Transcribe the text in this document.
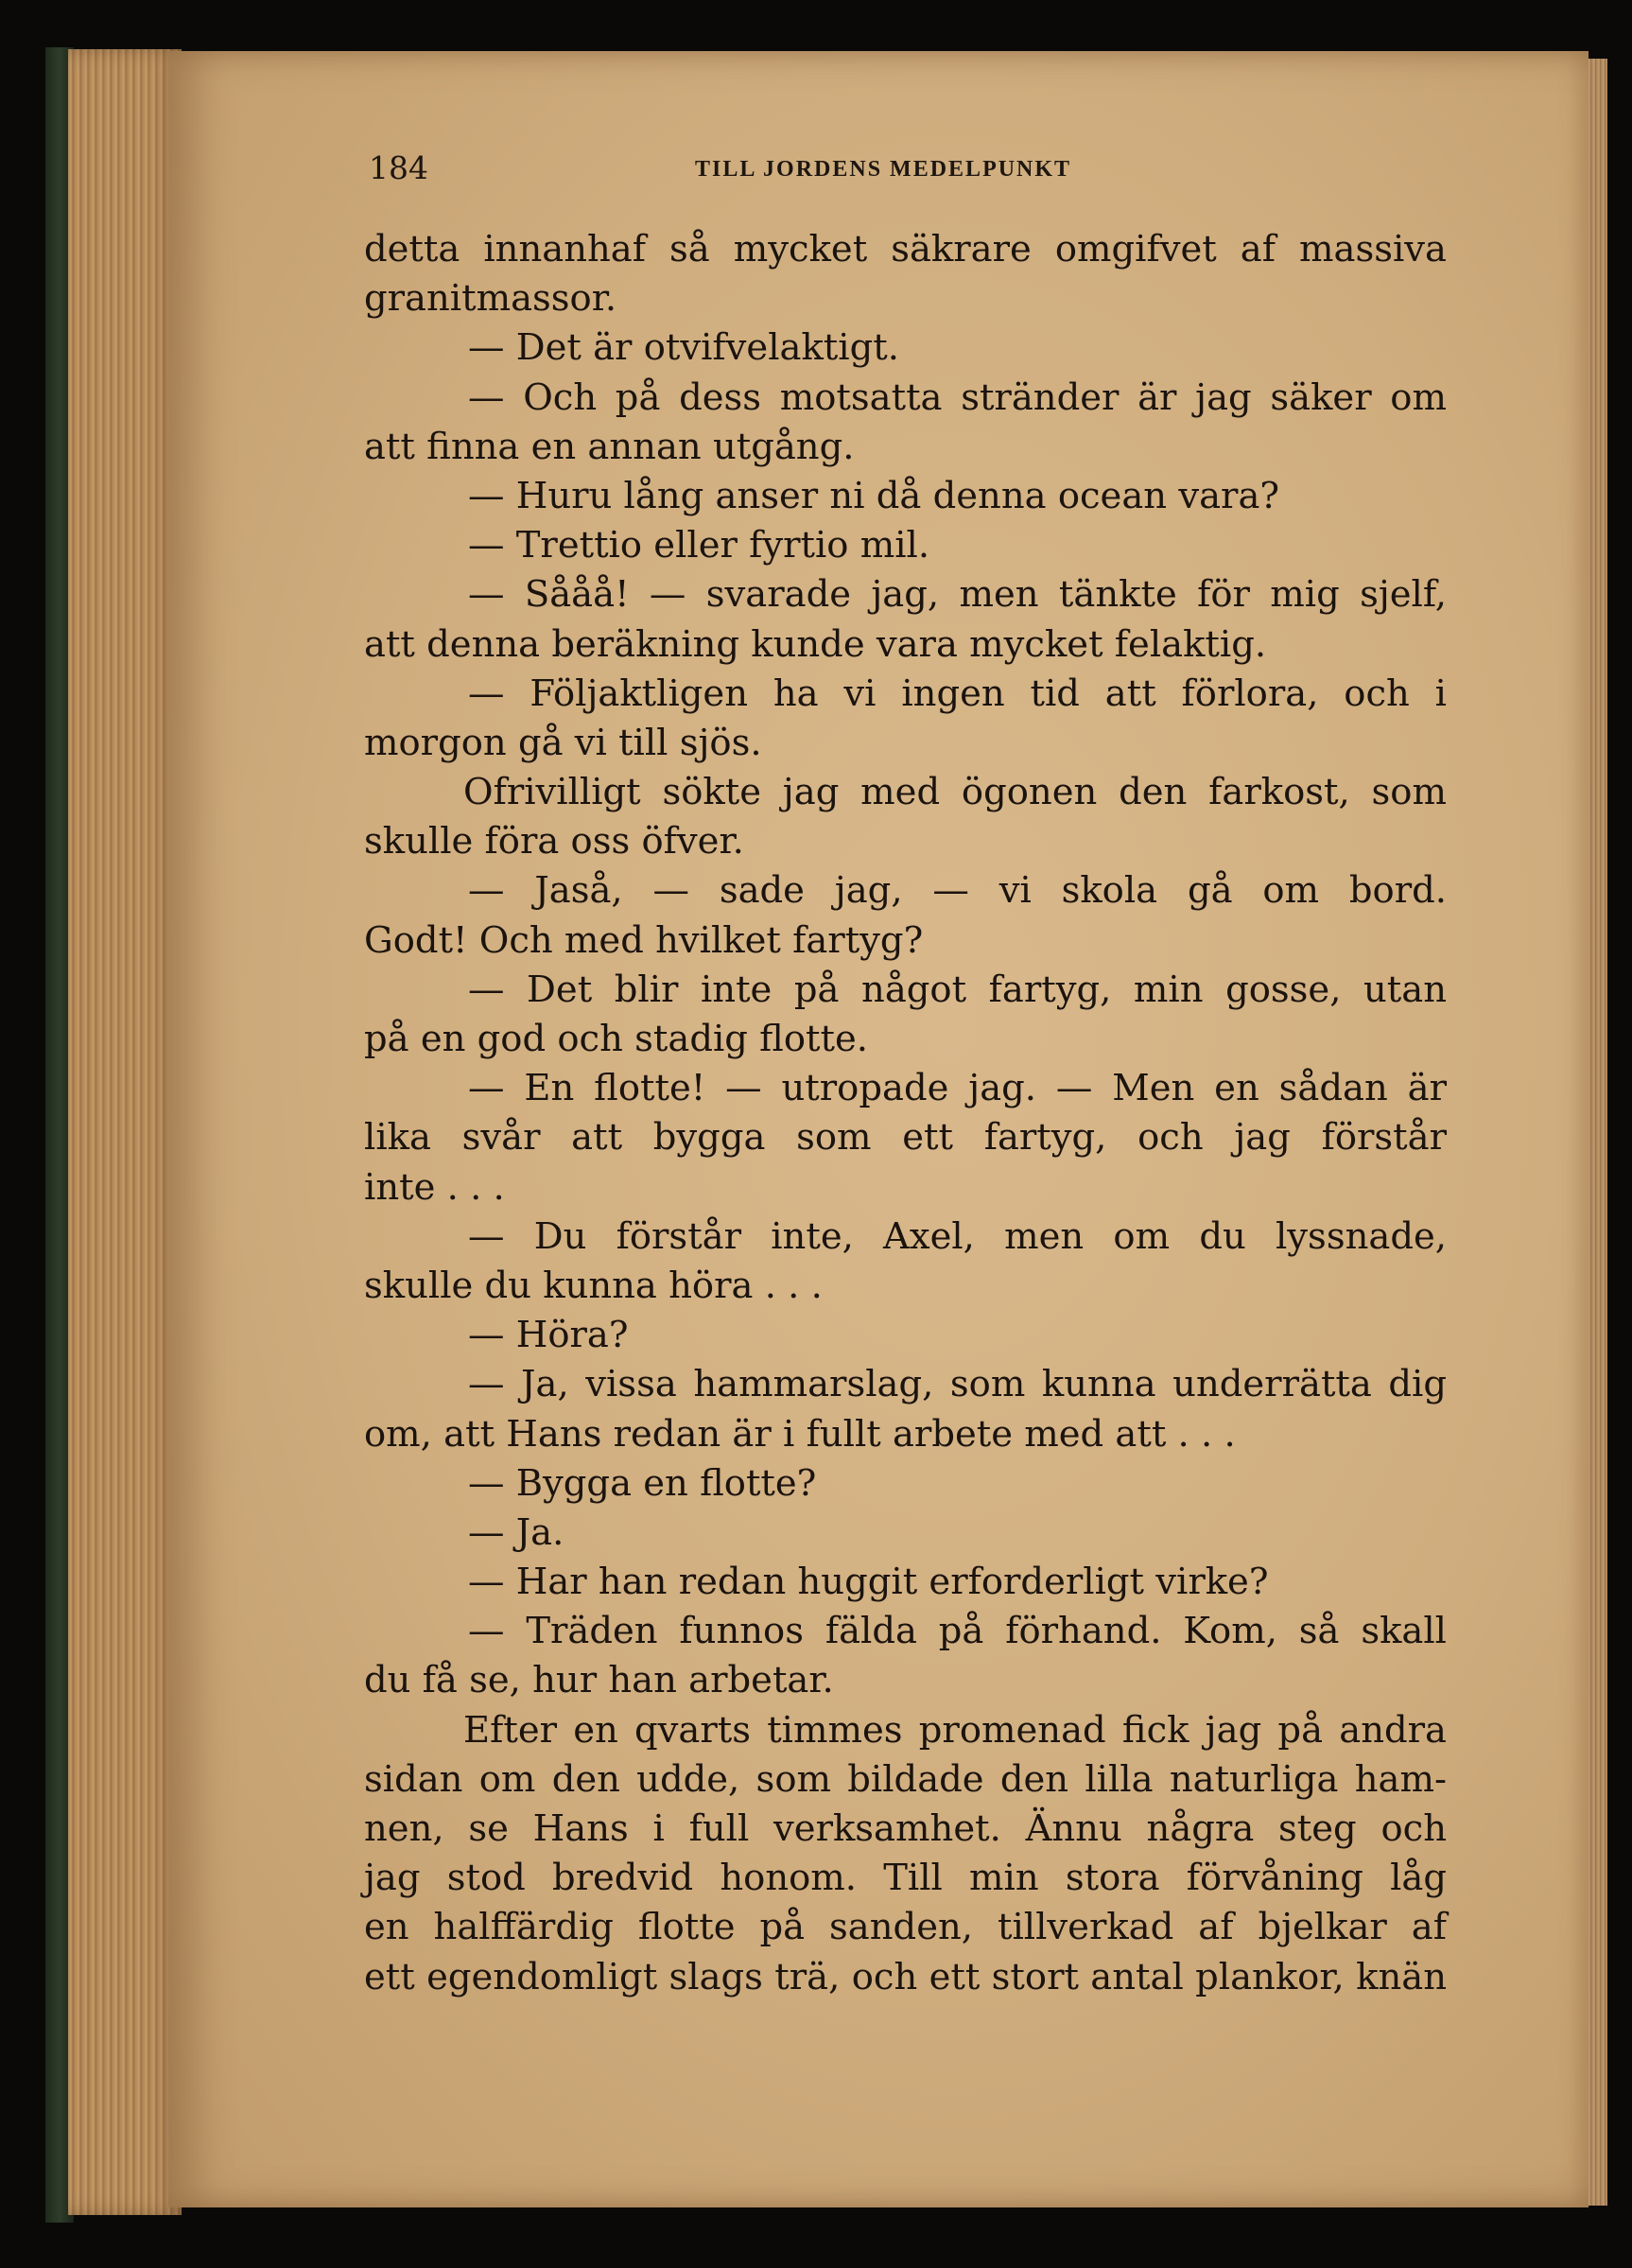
184	TILL JORDENS MEDELPUNKT
detta innanhaf så mycket säkrare omgifvet af massiva
granitmassor.
— Det är otvifvelaktigt.
— Och på dess motsatta stränder är jag säker om
att finna en annan utgång.
— Huru lång anser ni då denna ocean vara?
— Trettio eller fyrtio mil.
— Sååå! — svarade jag, men tänkte för mig sjelf,
att denna beräkning kunde vara mycket felaktig.
— Följaktligen ha vi ingen tid att förlora, och i
morgon gå vi till sjös.
Ofrivilligt sökte jag med ögonen den farkost, som
skulle föra oss öfver.
— Jaså, — sade jag, — vi skola gå om bord.
Godt! Och med hvilket fartyg?
— Det blir inte på något fartyg, min gosse, utan
på en god och stadig flotte.
— En flotte! — utropade jag. — Men en sådan är
lika svår att bygga som ett fartyg, och jag förstår
inte . . .
— Du förstår inte, Axel, men om du lyssnade,
skulle du kunna höra . . .
— Höra?
— Ja, vissa hammarslag, som kunna underrätta dig
om, att Hans redan är i fullt arbete med att . . .
— Bygga en flotte?
— Ja.
— Har han redan huggit erforderligt virke?
— Träden funnos fälda på förhand. Kom, så skall
du få se, hur han arbetar.
Efter en qvarts timmes promenad fick jag på andra
sidan om den udde, som bildade den lilla naturliga ham-
nen, se Hans i full verksamhet. Ännu några steg och
jag stod bredvid honom. Till min stora förvåning låg
en halffärdig flotte på sanden, tillverkad af bjelkar af
ett egendomligt slags trä, och ett stort antal plankor, knän
